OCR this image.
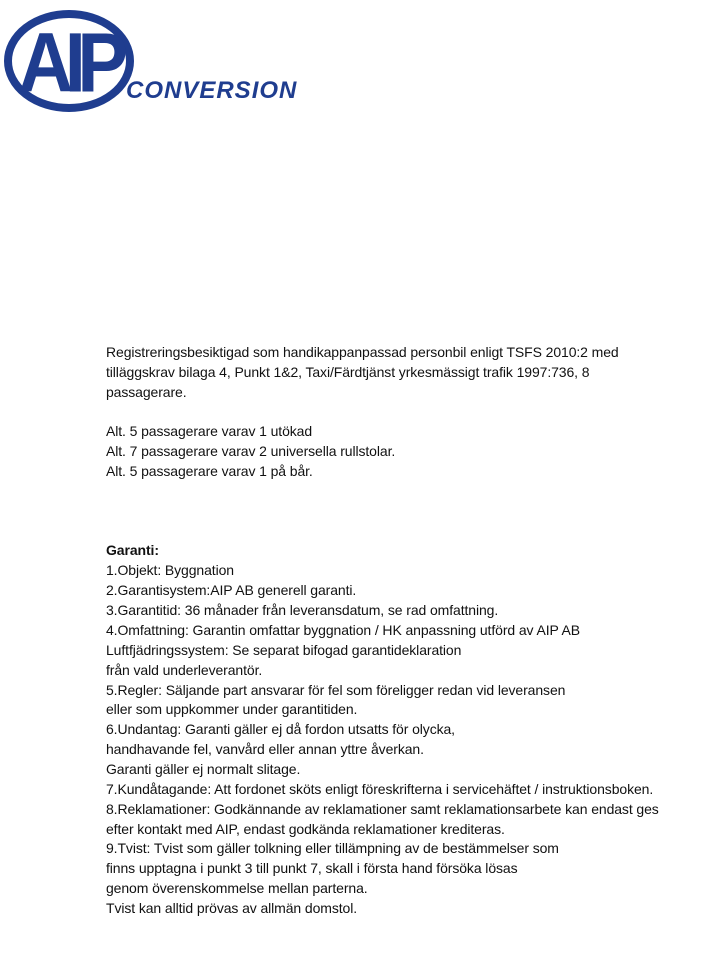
AIP CONVERSION
Registreringsbesiktigad som handikappanpassad personbil enligt TSFS 2010:2 med
tilläggskrav bilaga 4, Punkt 1&2, Taxi/Färdtjänst yrkesmässigt trafik 1997:736, 8
passagerare.
Alt. 5 passagerare varav 1 utökad
Alt. 7 passagerare varav 2 universella rullstolar.
Alt. 5 passagerare varav 1 på bår.
Garanti:
1.Objekt: Byggnation
2.Garantisystem:AIP AB generell garanti.
3.Garantitid: 36 månader från leveransdatum, se rad omfattning.
4.Omfattning: Garantin omfattar byggnation / HK anpassning utförd av AIP AB
Luftfjädringssystem: Se separat bifogad garantideklaration
från vald underleverantör.
5.Regler: Säljande part ansvarar för fel som föreligger redan vid leveransen
eller som uppkommer under garantitiden.
6.Undantag: Garanti gäller ej då fordon utsatts för olycka,
handhavande fel, vanvård eller annan yttre åverkan.
Garanti gäller ej normalt slitage.
7.Kundåtagande: Att fordonet sköts enligt föreskrifterna i servicehäftet / instruktionsboken.
8.Reklamationer: Godkännande av reklamationer samt reklamationsarbete kan endast ges
efter kontakt med AIP, endast godkända reklamationer krediteras.
9.Tvist: Tvist som gäller tolkning eller tillämpning av de bestämmelser som
finns upptagna i punkt 3 till punkt 7, skall i första hand försöka lösas
genom överenskommelse mellan parterna.
Tvist kan alltid prövas av allmän domstol.
